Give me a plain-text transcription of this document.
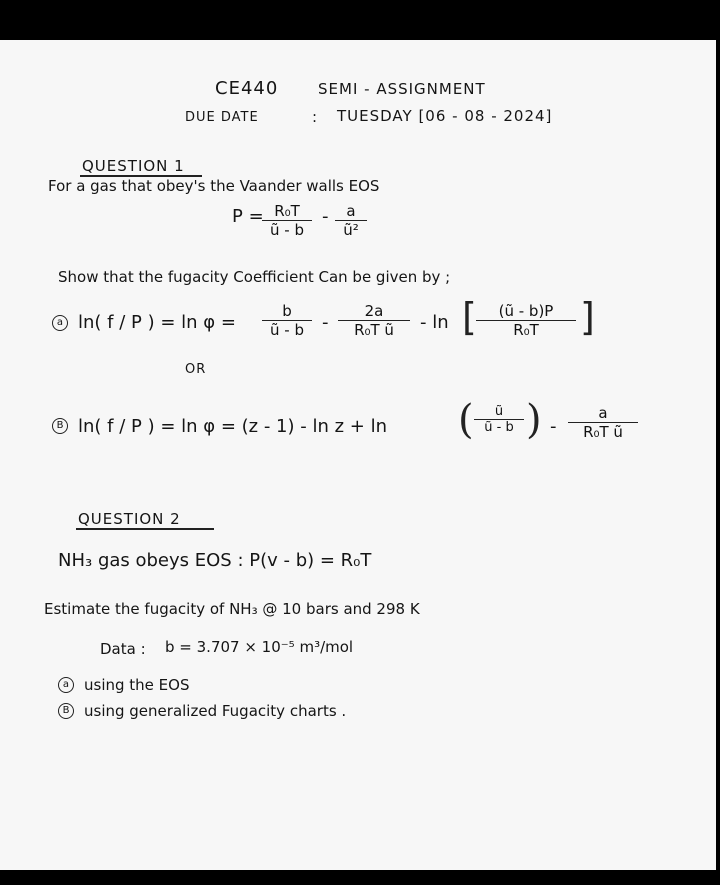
CE440	SEMI - ASSIGNMENT
DUE DATE	: TUESDAY [06 - 08 - 2024]
QUESTION 1
For a gas that obey's the Vaander walls EOS
P =
$\frac{\text{R₀T}}{ũ - b} - \frac{a}{\text{ũ²}}$
Show that the fugacity Coefficient Can be given by ;
a ln( f / P ) = $\ln \varphi = \frac{b}{ũ - b} - \frac{2a}{\text{R₀T ũ}} - \ln$ [ $\frac{(ũ - b)P}{\text{R₀T}}$ ]
OR
B ln( f / P ) = ln φ = (z - 1) - ln z + ln ( $\frac{ũ}{ũ - b}$ ) - $\frac{a}{\text{R₀T ũ}}$
QUESTION 2
NH₃ gas obeys EOS : P(v - b) = R₀T
Estimate the fugacity of NH₃ @ 10 bars and 298 K
Data : b = 3.707 × 10⁻⁵ m³/mol
a using the EOS
B using generalized Fugacity charts .
